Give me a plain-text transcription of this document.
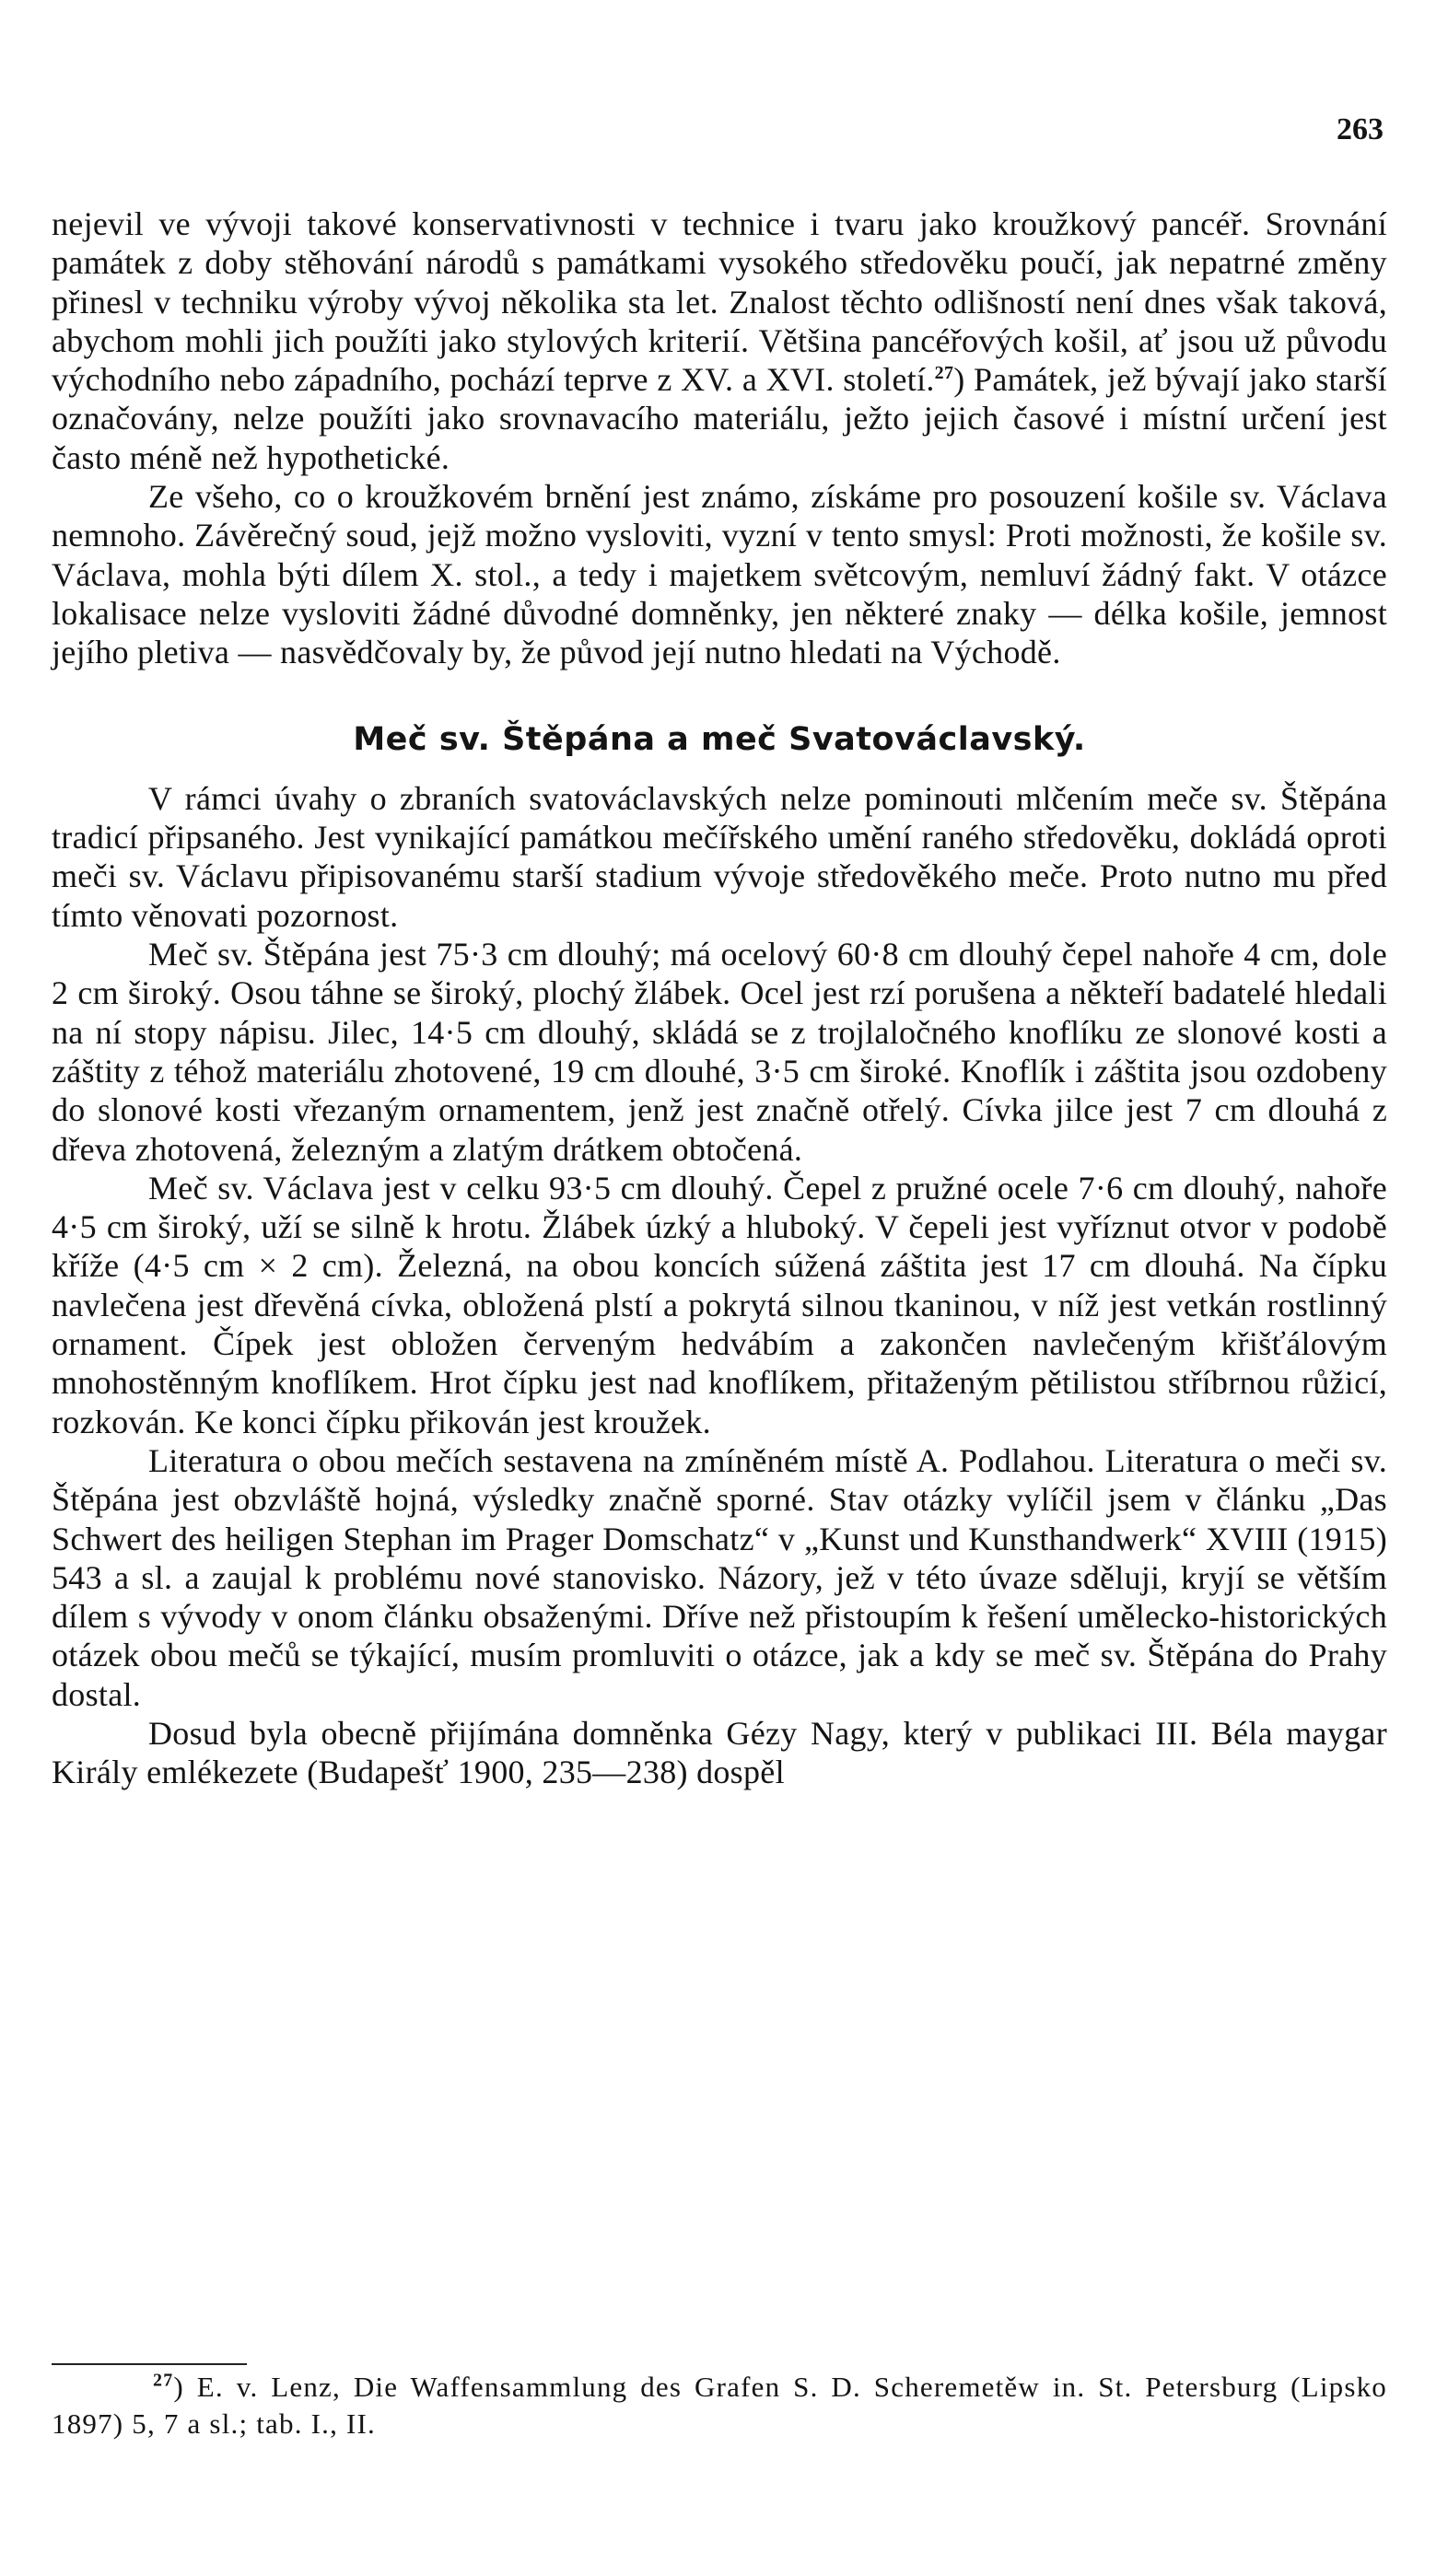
263

nejevil ve vývoji takové konservativnosti v technice i tvaru jako kroužkový pancéř. Srovnání památek z doby stěhování národů s památkami vysokého středověku poučí, jak nepatrné změny přinesl v techniku výroby vývoj několika sta let. Znalost těchto odlišností není dnes však taková, abychom mohli jich použíti jako stylových kriterií. Většina pancéřových košil, ať jsou už původu východního nebo západního, pochází teprve z XV. a XVI. století.$^{27}$) Památek, jež bývají jako starší označovány, nelze použíti jako srovnavacího materiálu, ježto jejich časové i místní určení jest často méně než hypothetické.

Ze všeho, co o kroužkovém brnění jest známo, získáme pro posouzení košile sv. Václava nemnoho. Závěrečný soud, jejž možno vysloviti, vyzní v tento smysl: Proti možnosti, že košile sv. Václava, mohla býti dílem X. stol., a tedy i majetkem světcovým, nemluví žádný fakt. V otázce lokalisace nelze vysloviti žádné důvodné domněnky, jen některé znaky — délka košile, jemnost jejího pletiva — nasvědčovaly by, že původ její nutno hledati na Východě.

Meč sv. Štěpána a meč Svatováclavský.

V rámci úvahy o zbraních svatováclavských nelze pominouti mlčením meče sv. Štěpána tradicí připsaného. Jest vynikající památkou mečířského umění raného středověku, dokládá oproti meči sv. Václavu připisovanému starší stadium vývoje středověkého meče. Proto nutno mu před tímto věnovati pozornost.

Meč sv. Štěpána jest 75·3 cm dlouhý; má ocelový 60·8 cm dlouhý čepel nahoře 4 cm, dole 2 cm široký. Osou táhne se široký, plochý žlábek. Ocel jest rzí porušena a někteří badatelé hledali na ní stopy nápisu. Jilec, 14·5 cm dlouhý, skládá se z trojlaločného knoflíku ze slonové kosti a záštity z téhož materiálu zhotovené, 19 cm dlouhé, 3·5 cm široké. Knoflík i záštita jsou ozdobeny do slonové kosti vřezaným ornamentem, jenž jest značně otřelý. Cívka jilce jest 7 cm dlouhá z dřeva zhotovená, železným a zlatým drátkem obtočená.

Meč sv. Václava jest v celku 93·5 cm dlouhý. Čepel z pružné ocele 7·6 cm dlouhý, nahoře 4·5 cm široký, uží se silně k hrotu. Žlábek úzký a hluboký. V čepeli jest vyříznut otvor v podobě kříže (4·5 cm × 2 cm). Železná, na obou koncích súžená záštita jest 17 cm dlouhá. Na čípku navlečena jest dřevěná cívka, obložená plstí a pokrytá silnou tkaninou, v níž jest vetkán rostlinný ornament. Čípek jest obložen červeným hedvábím a zakončen navlečeným křišťálovým mnohostěnným knoflíkem. Hrot čípku jest nad knoflíkem, přitaženým pětilistou stříbrnou růžicí, rozkován. Ke konci čípku přikován jest kroužek.

Literatura o obou mečích sestavena na zmíněném místě A. Podlahou. Literatura o meči sv. Štěpána jest obzvláště hojná, výsledky značně sporné. Stav otázky vylíčil jsem v článku „Das Schwert des heiligen Stephan im Prager Domschatz“ v „Kunst und Kunsthandwerk“ XVIII (1915) 543 a sl. a zaujal k problému nové stanovisko. Názory, jež v této úvaze sděluji, kryjí se větším dílem s vývody v onom článku obsaženými. Dříve než přistoupím k řešení umělecko-historických otázek obou mečů se týkající, musím promluviti o otázce, jak a kdy se meč sv. Štěpána do Prahy dostal.

Dosud byla obecně přijímána domněnka Gézy Nagy, který v publikaci III. Béla maygar Király emlékezete (Budapešť 1900, 235—238) dospěl

$^{27}$) E. v. Lenz, Die Waffensammlung des Grafen S. D. Scheremetěw in. St. Petersburg (Lipsko 1897) 5, 7 a sl.; tab. I., II.
